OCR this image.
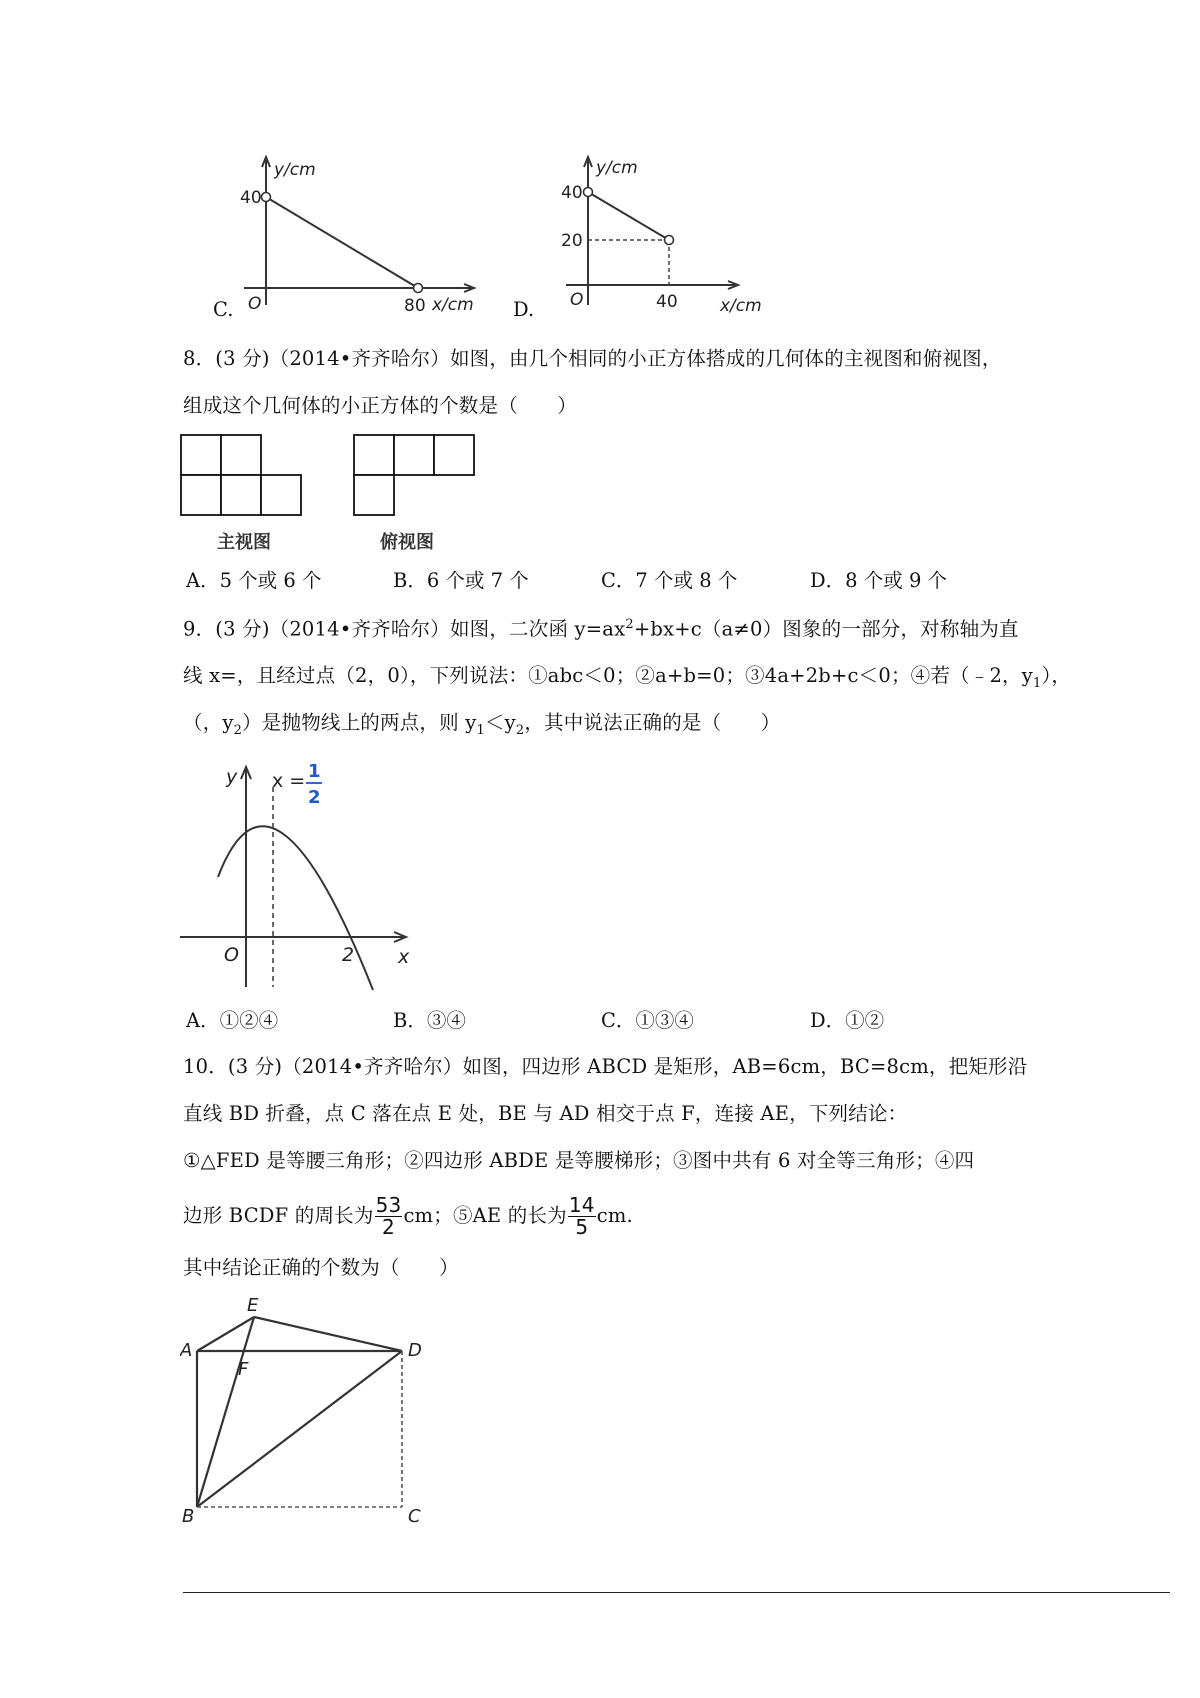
C.
y/cm
40
O	80 x/cm D.
y/cm
40
20
O	40 x/cm
8．(3 分)（2014•齐齐哈尔）如图，由几个相同的小正方体搭成的几何体的主视图和俯视图，
组成这个几何体的小正方体的个数是（　　）
主视图	俯视图
A．5 个或 6 个	B．6 个或 7 个	C．7 个或 8 个	D．8 个或 9 个
9．(3 分)（2014•齐齐哈尔）如图，二次函 $y=ax^2+bx+c(a\ne 0)$图象的一部分，对称轴为直
线 x=，且经过点（2，0），下列说法：①abc＜0；②a+b=0；③4a+2b+c＜0；④若（﹣2，$y_1$），
（，$y_2$）是抛物线上的两点，则 $y_1<y_2$，其中说法正确的是（　　）
y x = 1
2
O	2 x
A．①②④	B．③④	C．①③④	D．①②
10．(3 分)（2014•齐齐哈尔）如图，四边形 ABCD 是矩形，AB=6cm，BC=8cm，把矩形沿
直线 BD 折叠，点 C 落在点 E 处，BE 与 AD 相交于点 F，连接 AE，下列结论：
①△FED 是等腰三角形；②四边形 ABDE 是等腰梯形；③图中共有 6 对全等三角形；④四
边形 BCDF 的周长为 $\frac{53}{2}$ cm；⑤AE 的长为 $\frac{14}{5}$ cm.
其中结论正确的个数为（　　）
E
A
F
D
B	C
